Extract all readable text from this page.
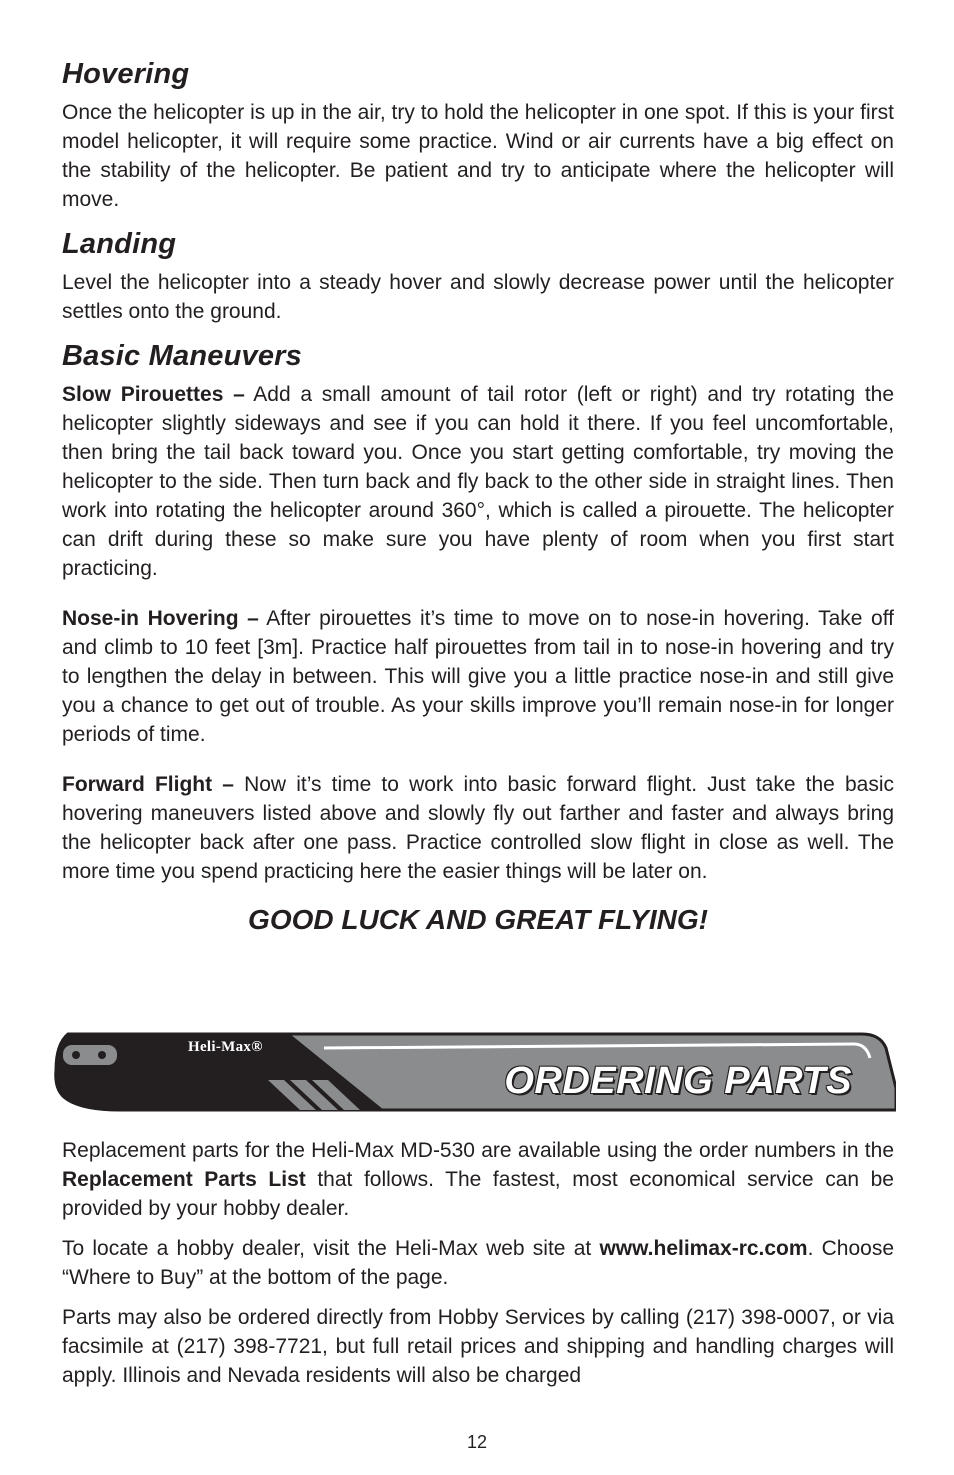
Hovering

Once the helicopter is up in the air, try to hold the helicopter in one spot. If this is your first model helicopter, it will require some practice. Wind or air currents have a big effect on the stability of the helicopter. Be patient and try to anticipate where the helicopter will move.

Landing

Level the helicopter into a steady hover and slowly decrease power until the helicopter settles onto the ground.

Basic Maneuvers

Slow Pirouettes – Add a small amount of tail rotor (left or right) and try rotating the helicopter slightly sideways and see if you can hold it there. If you feel uncomfortable, then bring the tail back toward you. Once you start getting comfortable, try moving the helicopter to the side. Then turn back and fly back to the other side in straight lines. Then work into rotating the helicopter around 360°, which is called a pirouette. The helicopter can drift during these so make sure you have plenty of room when you first start practicing.

Nose-in Hovering – After pirouettes it’s time to move on to nose-in hovering. Take off and climb to 10 feet [3m]. Practice half pirouettes from tail in to nose-in hovering and try to lengthen the delay in between. This will give you a little practice nose-in and still give you a chance to get out of trouble. As your skills improve you’ll remain nose-in for longer periods of time.

Forward Flight – Now it’s time to work into basic forward flight. Just take the basic hovering maneuvers listed above and slowly fly out farther and faster and always bring the helicopter back after one pass. Practice controlled slow flight in close as well. The more time you spend practicing here the easier things will be later on.

GOOD LUCK AND GREAT FLYING!
Heli-Max®
ORDERING PARTS

Replacement parts for the Heli-Max MD-530 are available using the order numbers in the Replacement Parts List that follows. The fastest, most economical service can be provided by your hobby dealer.

To locate a hobby dealer, visit the Heli-Max web site at www.helimax-rc.com. Choose “Where to Buy” at the bottom of the page.

Parts may also be ordered directly from Hobby Services by calling (217) 398-0007, or via facsimile at (217) 398-7721, but full retail prices and shipping and handling charges will apply. Illinois and Nevada residents will also be charged

12
